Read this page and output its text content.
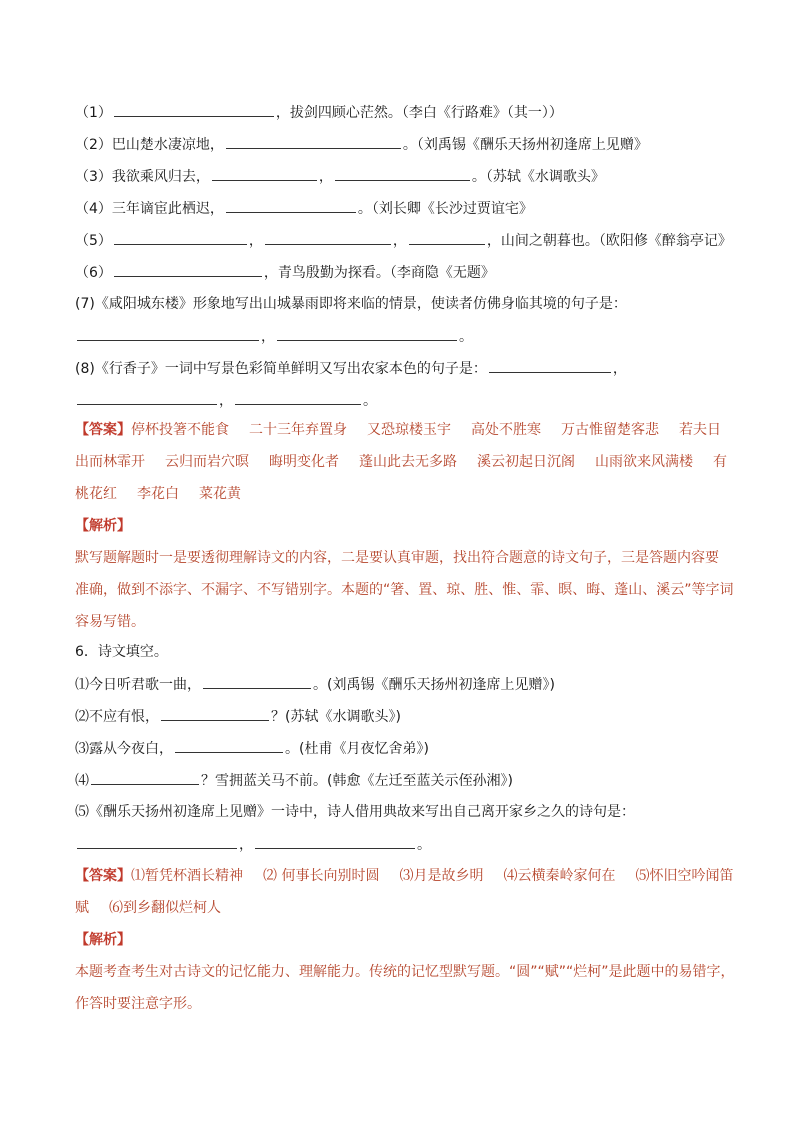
（1）	，拔剑四顾心茫然。（李白《行路难》（其一））
（2）巴山楚水凄凉地，	。（刘禹锡《酬乐天扬州初逢席上见赠》
（3）我欲乘风归去，	，	。（苏轼《水调歌头》
（4）三年谪宦此栖迟，	。（刘长卿《长沙过贾谊宅》
（5）	，	，	，山间之朝暮也。（欧阳修《醉翁亭记》
（6）	，青鸟殷勤为探看。（李商隐《无题》
(7)《咸阳城东楼》形象地写出山城暴雨即将来临的情景，使读者仿佛身临其境的句子是：
，	。
(8)《行香子》一词中写景色彩简单鲜明又写出农家本色的句子是：	，
，	。
【答案】停杯投箸不能食 二十三年弃置身 又恐琼楼玉宇 高处不胜寒 万古惟留楚客悲 若夫日
出而林霏开 云归而岩穴暝 晦明变化者 蓬山此去无多路 溪云初起日沉阁 山雨欲来风满楼 有
桃花红 李花白 菜花黄
【解析】
默写题解题时一是要透彻理解诗文的内容，二是要认真审题，找出符合题意的诗文句子，三是答题内容要
准确，做到不添字、不漏字、不写错别字。本题的“箸、置、琼、胜、惟、霏、暝、晦、蓬山、溪云”等字词
容易写错。
6．诗文填空。
⑴今日听君歌一曲，	。(刘禹锡《酬乐天扬州初逢席上见赠》)
⑵不应有恨，	？(苏轼《水调歌头》)
⑶露从今夜白，	。(杜甫《月夜忆舍弟》)
⑷	？雪拥蓝关马不前。(韩愈《左迁至蓝关示侄孙湘》)
⑸《酬乐天扬州初逢席上见赠》一诗中，诗人借用典故来写出自己离开家乡之久的诗句是：
，	。
【答案】⑴暂凭杯酒长精神 ⑵ 何事长向别时圆 ⑶月是故乡明 ⑷云横秦岭家何在 ⑸怀旧空吟闻笛
赋 ⑹到乡翻似烂柯人
【解析】
本题考查考生对古诗文的记忆能力、理解能力。传统的记忆型默写题。“圆”“赋”“烂柯”是此题中的易错字，
作答时要注意字形。
